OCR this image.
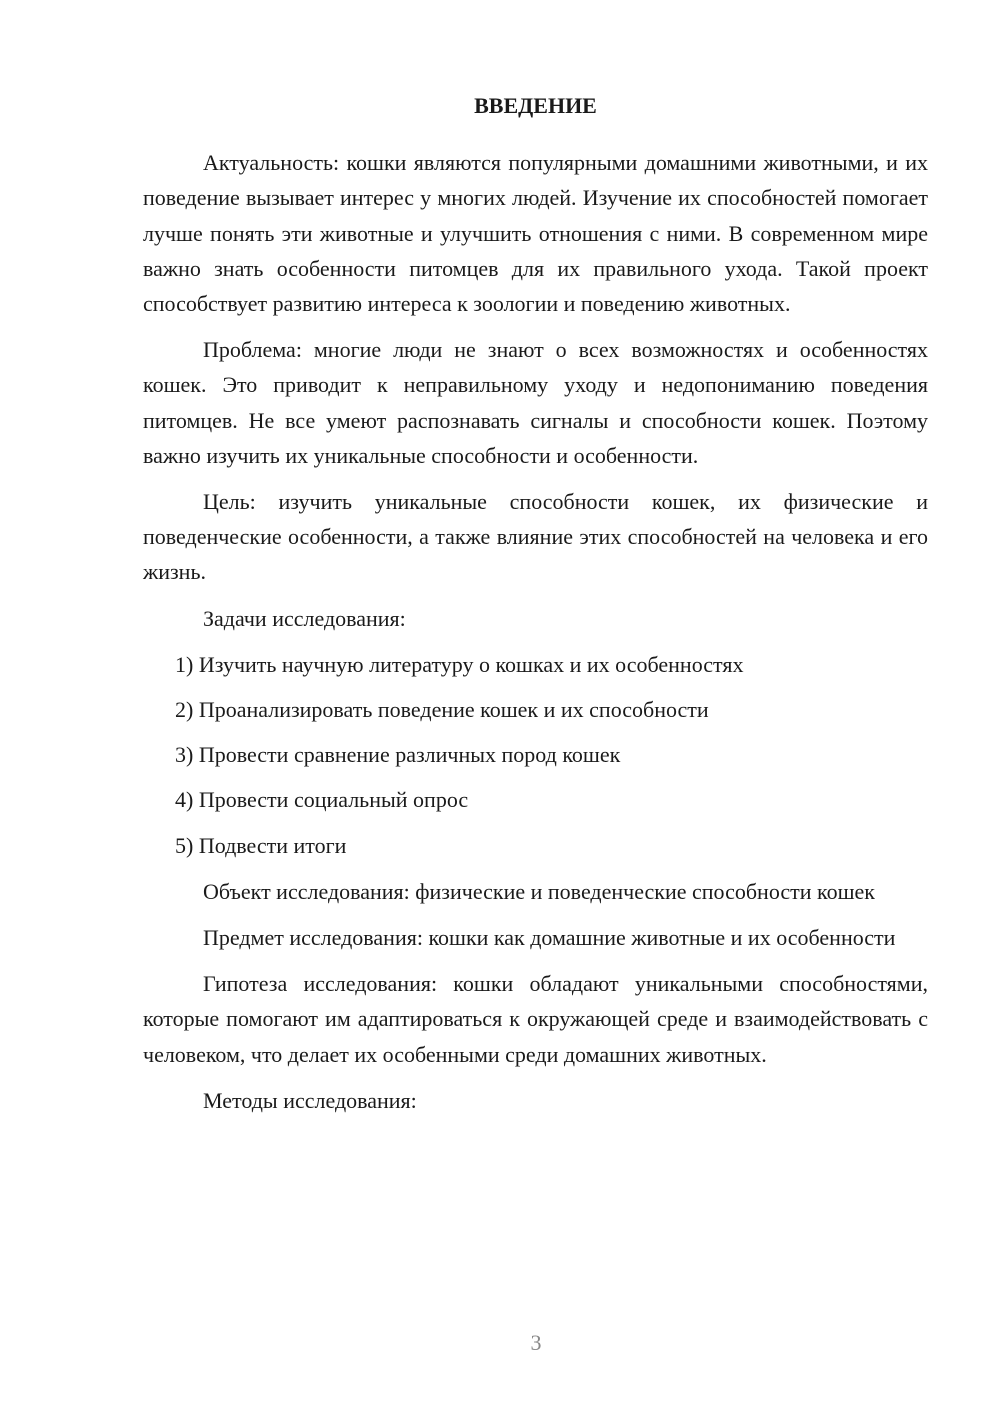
ВВЕДЕНИЕ

Актуальность: кошки являются популярными домашними животными, и их поведение вызывает интерес у многих людей. Изучение их способностей помогает лучше понять эти животные и улучшить отношения с ними. В современном мире важно знать особенности питомцев для их правильного ухода. Такой проект способствует развитию интереса к зоологии и поведению животных.

Проблема: многие люди не знают о всех возможностях и особенностях кошек. Это приводит к неправильному уходу и недопониманию поведения питомцев. Не все умеют распознавать сигналы и способности кошек. Поэтому важно изучить их уникальные способности и особенности.

Цель: изучить уникальные способности кошек, их физические и поведенческие особенности, а также влияние этих способностей на человека и его жизнь.

Задачи исследования:

1) Изучить научную литературу о кошках и их особенностях
2) Проанализировать поведение кошек и их способности
3) Провести сравнение различных пород кошек
4) Провести социальный опрос
5) Подвести итоги

Объект исследования: физические и поведенческие способности кошек

Предмет исследования: кошки как домашние животные и их особенности

Гипотеза исследования: кошки обладают уникальными способностями, которые помогают им адаптироваться к окружающей среде и взаимодействовать с человеком, что делает их особенными среди домашних животных.

Методы исследования:

3
